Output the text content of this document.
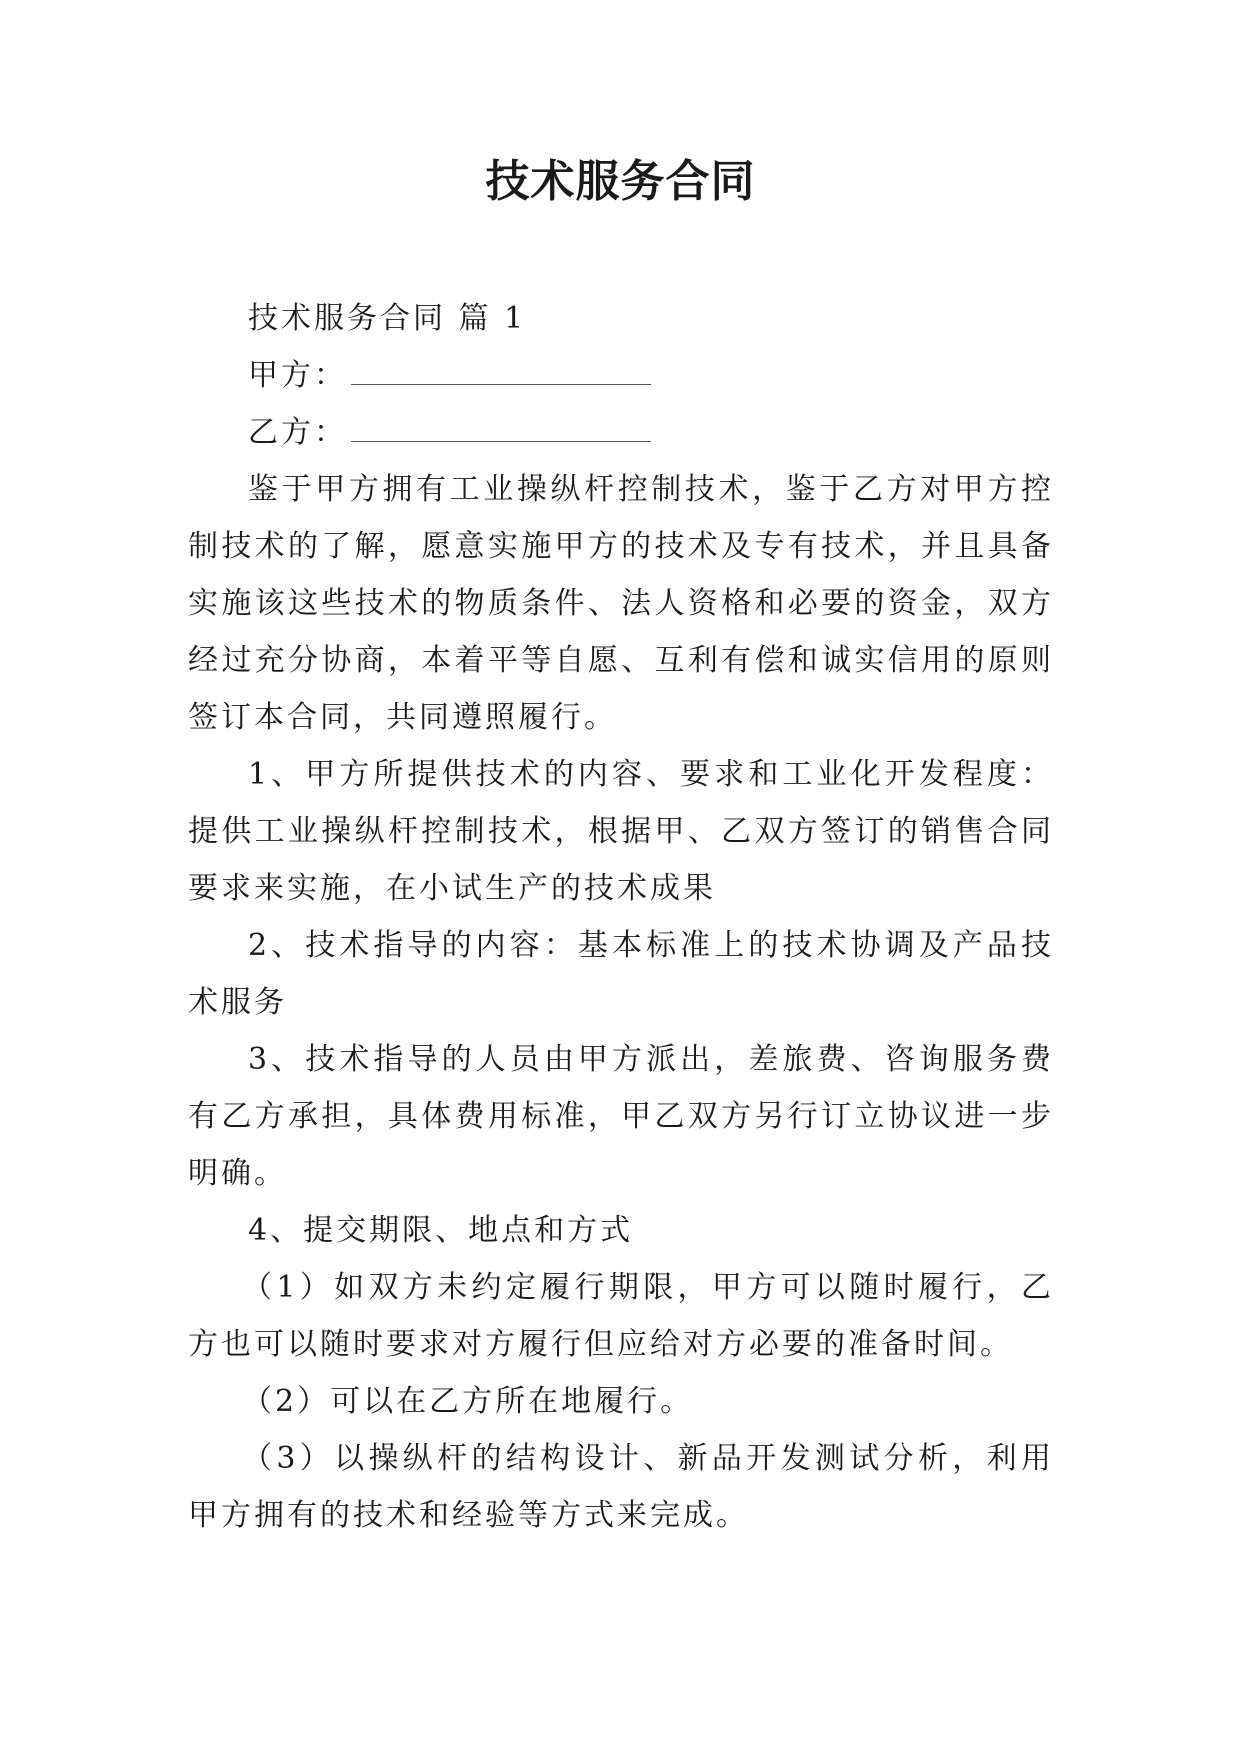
技术服务合同

技术服务合同 篇 1

甲方：

乙方：

鉴于甲方拥有工业操纵杆控制技术，鉴于乙方对甲方控制技术的了解，愿意实施甲方的技术及专有技术，并且具备实施该这些技术的物质条件、法人资格和必要的资金，双方经过充分协商，本着平等自愿、互利有偿和诚实信用的原则签订本合同，共同遵照履行。

1、甲方所提供技术的内容、要求和工业化开发程度：提供工业操纵杆控制技术，根据甲、乙双方签订的销售合同要求来实施，在小试生产的技术成果

2、技术指导的内容：基本标准上的技术协调及产品技术服务

3、技术指导的人员由甲方派出，差旅费、咨询服务费有乙方承担，具体费用标准，甲乙双方另行订立协议进一步明确。

4、提交期限、地点和方式

（1）如双方未约定履行期限，甲方可以随时履行，乙方也可以随时要求对方履行但应给对方必要的准备时间。

（2）可以在乙方所在地履行。

（3）以操纵杆的结构设计、新品开发测试分析，利用甲方拥有的技术和经验等方式来完成。
